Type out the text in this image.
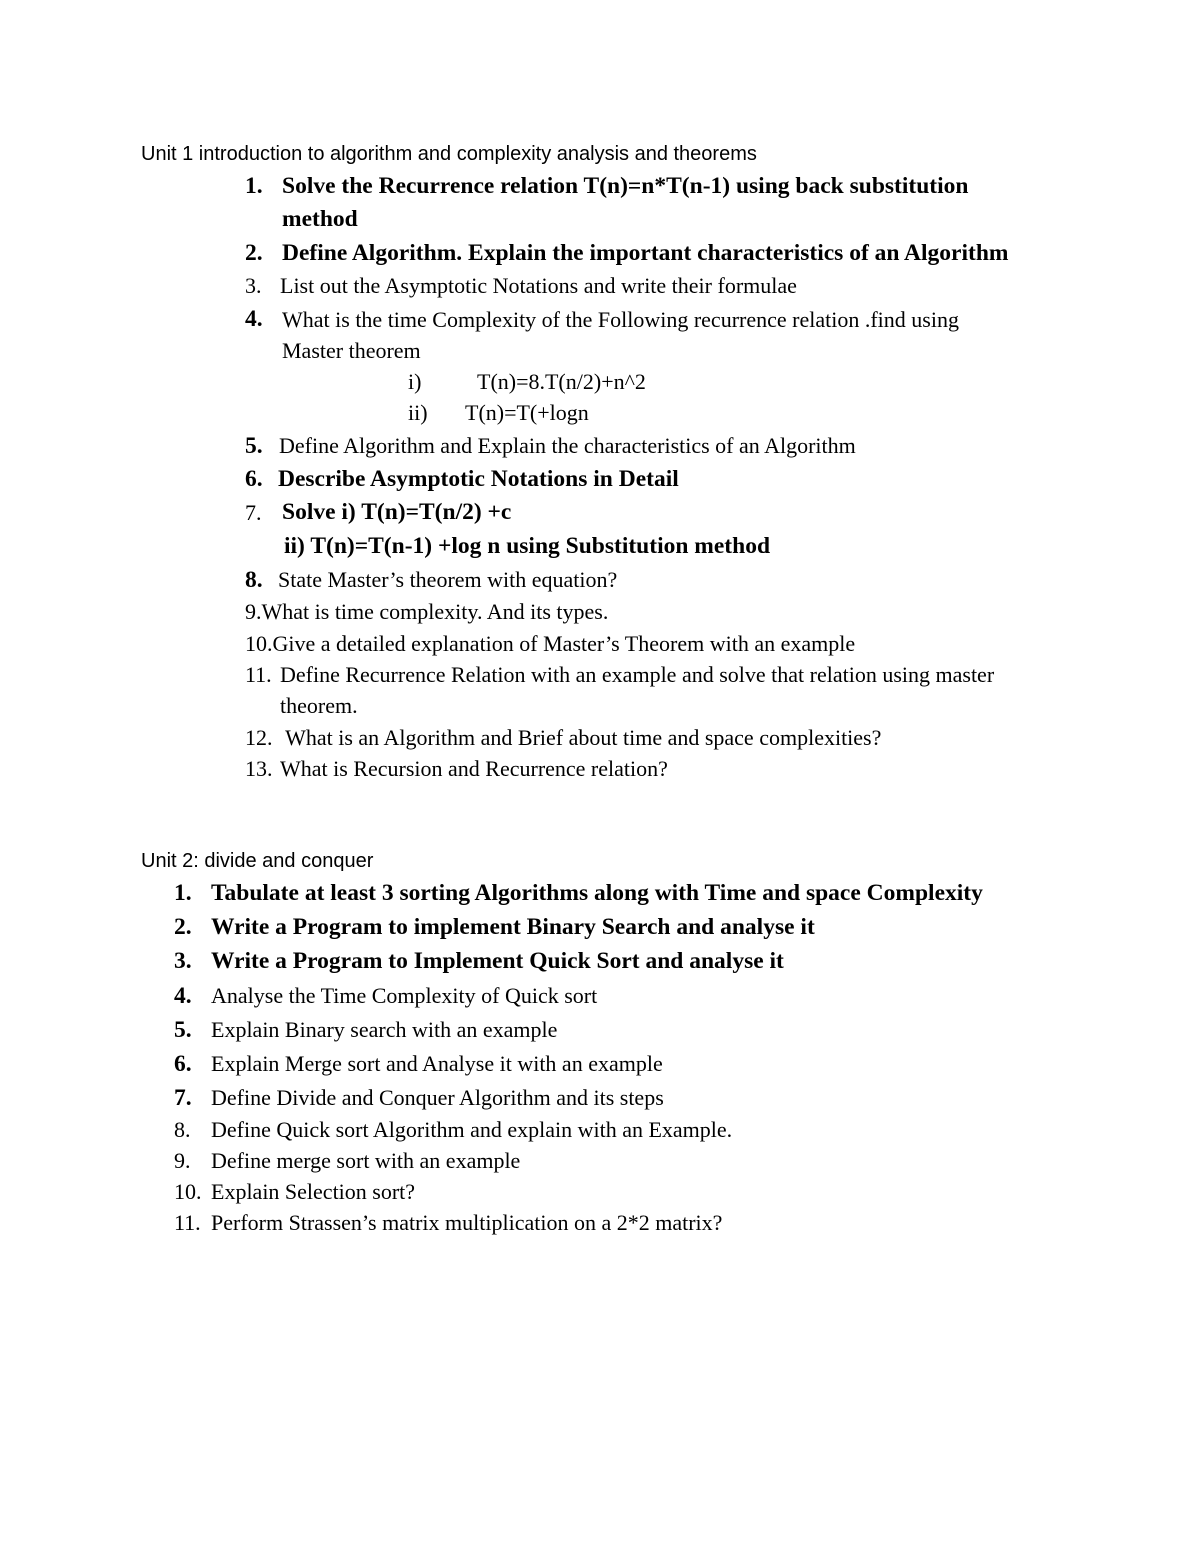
Unit 1 introduction to algorithm and complexity analysis and theorems
1. Solve the Recurrence relation T(n)=n*T(n-1) using back substitution
method
2. Define Algorithm. Explain the important characteristics of an Algorithm
3. List out the Asymptotic Notations and write their formulae
4. What is the time Complexity of the Following recurrence relation .find using
Master theorem
i)	T(n)=8.T(n/2)+n^2
ii) T(n)=T(+logn
5. Define Algorithm and Explain the characteristics of an Algorithm
6. Describe Asymptotic Notations in Detail
7. Solve i) T(n)=T(n/2) +c
ii) T(n)=T(n-1) +log n using Substitution method
8. State Master’s theorem with equation?
9.What is time complexity. And its types.
10.Give a detailed explanation of Master’s Theorem with an example
11. Define Recurrence Relation with an example and solve that relation using master
theorem.
12. What is an Algorithm and Brief about time and space complexities?
13. What is Recursion and Recurrence relation?
Unit 2: divide and conquer
1. Tabulate at least 3 sorting Algorithms along with Time and space Complexity
2. Write a Program to implement Binary Search and analyse it
3. Write a Program to Implement Quick Sort and analyse it
4. Analyse the Time Complexity of Quick sort
5. Explain Binary search with an example
6. Explain Merge sort and Analyse it with an example
7. Define Divide and Conquer Algorithm and its steps
8. Define Quick sort Algorithm and explain with an Example.
9. Define merge sort with an example
10. Explain Selection sort?
11. Perform Strassen’s matrix multiplication on a 2*2 matrix?
